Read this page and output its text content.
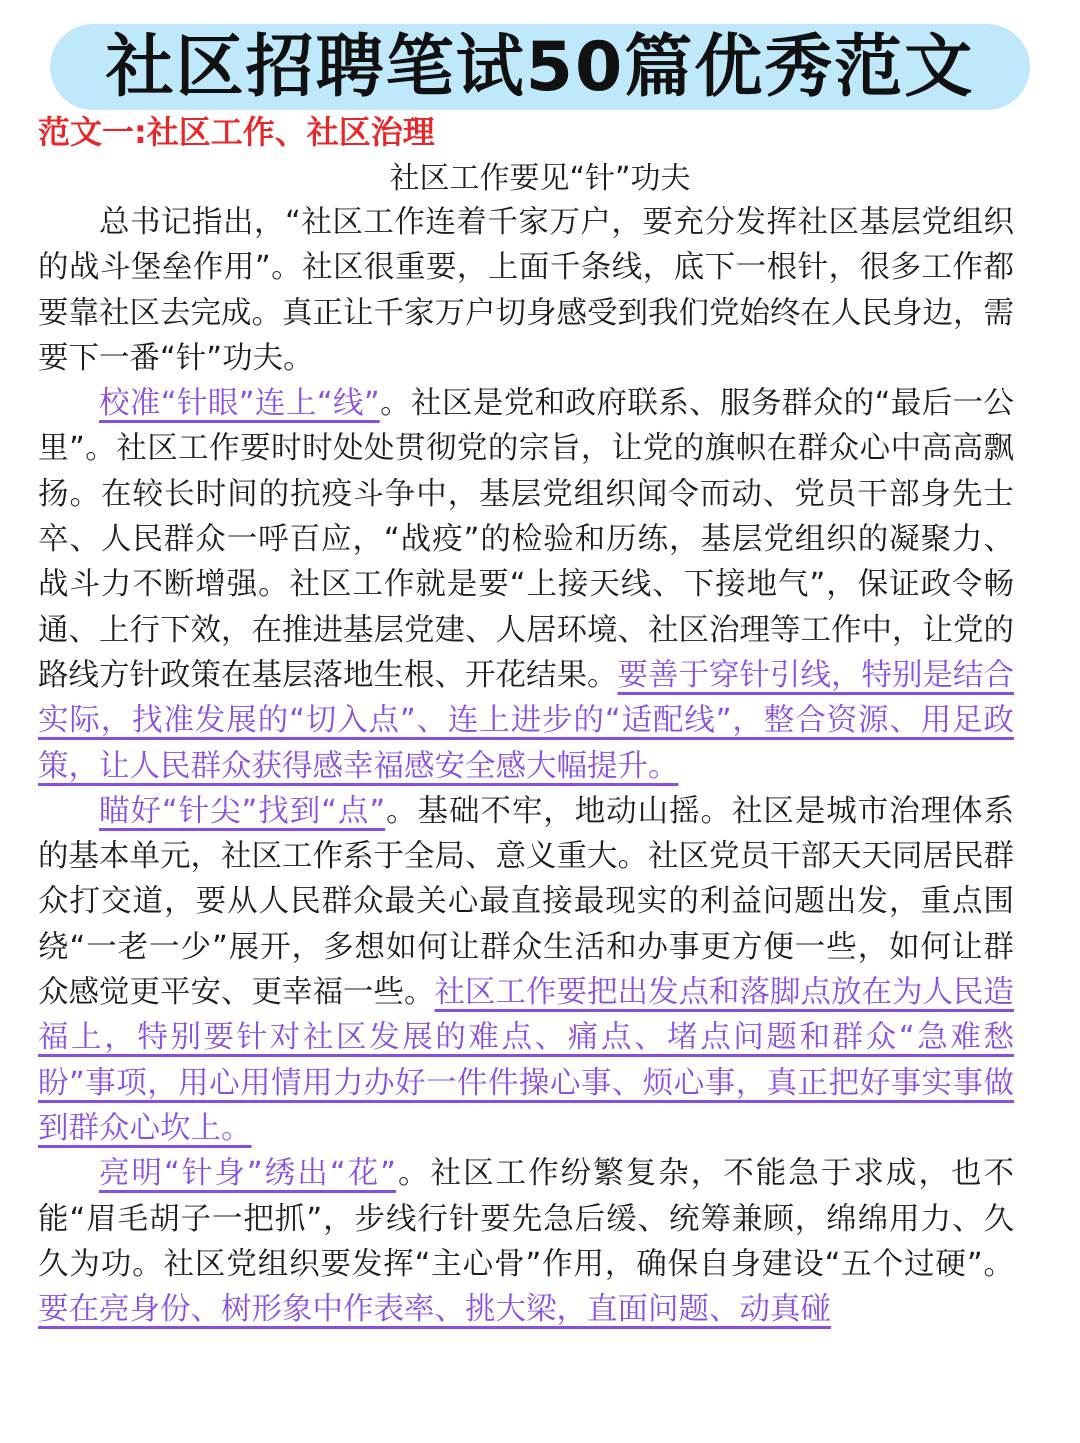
社区招聘笔试50篇优秀范文
范文一:社区工作、社区治理
社区工作要见“针”功夫

总书记指出，“社区工作连着千家万户，要充分发挥社区基层党组织的战斗堡垒作用”。社区很重要，上面千条线，底下一根针，很多工作都要靠社区去完成。真正让千家万户切身感受到我们党始终在人民身边，需要下一番“针”功夫。

校准“针眼”连上“线”。社区是党和政府联系、服务群众的“最后一公里”。社区工作要时时处处贯彻党的宗旨，让党的旗帜在群众心中高高飘扬。在较长时间的抗疫斗争中，基层党组织闻令而动、党员干部身先士卒、人民群众一呼百应，“战疫”的检验和历练，基层党组织的凝聚力、战斗力不断增强。社区工作就是要“上接天线、下接地气”，保证政令畅通、上行下效，在推进基层党建、人居环境、社区治理等工作中，让党的路线方针政策在基层落地生根、开花结果。要善于穿针引线，特别是结合实际，找准发展的“切入点”、连上进步的“适配线”，整合资源、用足政策，让人民群众获得感幸福感安全感大幅提升。

瞄好“针尖”找到“点”。基础不牢，地动山摇。社区是城市治理体系的基本单元，社区工作系于全局、意义重大。社区党员干部天天同居民群众打交道，要从人民群众最关心最直接最现实的利益问题出发，重点围绕“一老一少”展开，多想如何让群众生活和办事更方便一些，如何让群众感觉更平安、更幸福一些。社区工作要把出发点和落脚点放在为人民造福上，特别要针对社区发展的难点、痛点、堵点问题和群众“急难愁盼”事项，用心用情用力办好一件件操心事、烦心事，真正把好事实事做到群众心坎上。

亮明“针身”绣出“花”。社区工作纷繁复杂，不能急于求成，也不能“眉毛胡子一把抓”，步线行针要先急后缓、统筹兼顾，绵绵用力、久久为功。社区党组织要发挥“主心骨”作用，确保自身建设“五个过硬”。要在亮身份、树形象中作表率、挑大梁，直面问题、动真碰
